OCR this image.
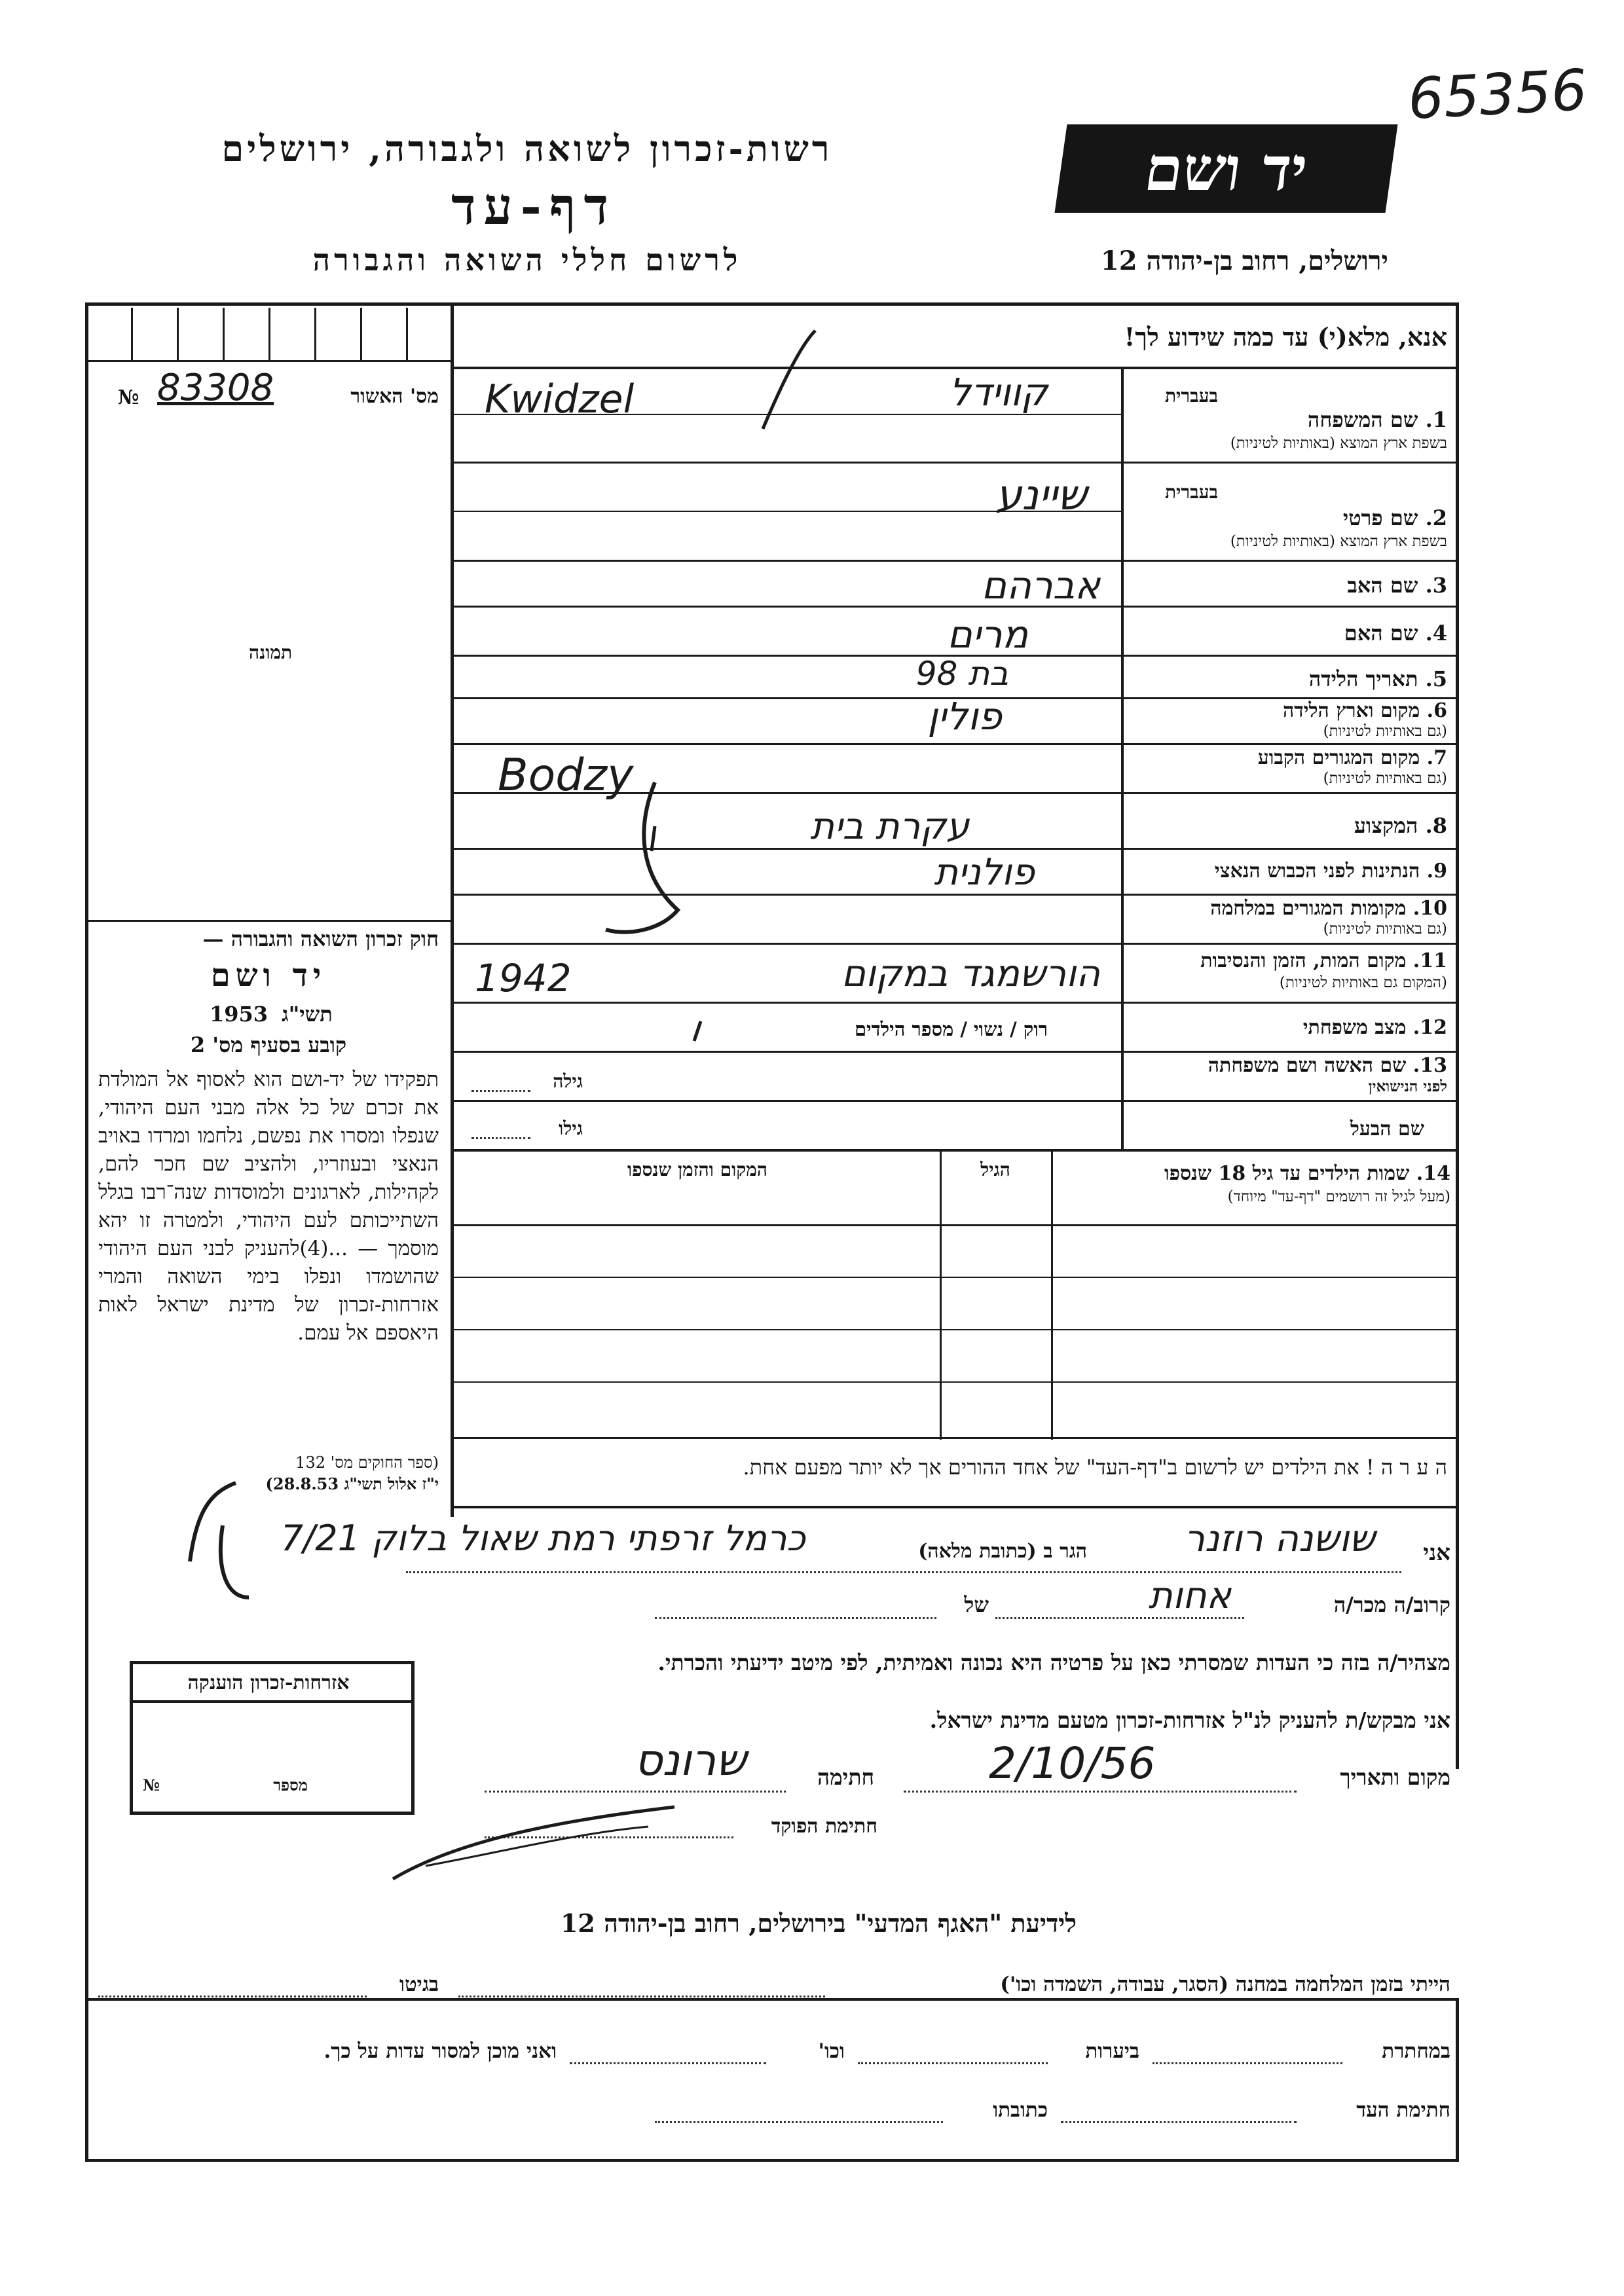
65356
יד ושם
רשות-זכרון לשואה ולגבורה, ירושלים
דף-עד
לרשום חללי השואה והגבורה	ירושלים, רחוב בן-יהודה 12
אנא, מלא(י) עד כמה שידוע לך!
№ 83308	מס' האשור
תמונה
חוק זכרון השואה והגבורה —
יד ושם
תשי"ג
1953
קובע בסעיף מס' 2
תפקידו של יד-ושם הוא לאסוף אל המולדת את זכרם של כל אלה מבני העם היהודי, שנפלו ומסרו את נפשם, נלחמו ומרדו באויב הנאצי ובעוזריו, ולהציב שם חכר להם, לקהילות, לארגונים ולמוסדות שנה־רבו בגלל השתייכותם לעם היהודי, ולמטרה זו יהא מוסמך — ...(4)להעניק לבני העם היהודי שהושמדו ונפלו בימי השואה והמרי אזרחות-זכרון של מדינת ישראל לאות היאספם אל עמם.
(ספר החוקים מס' 132
י"ז אלול תשי"ג 28.8.53)
בעברית
1. שם המשפחה
בשפת ארץ המוצא (באותיות לטיניות)
בעברית
2. שם פרטי
בשפת ארץ המוצא (באותיות לטיניות)
3. שם האב
4. שם האם
5. תאריך הלידה
6. מקום וארץ הלידה
(גם באותיות לטיניות)
7. מקום המגורים הקבוע
(גם באותיות לטיניות)
8. המקצוע
9. הנתינות לפני הכבוש הנאצי
10. מקומות המגורים במלחמה
(גם באותיות לטיניות)
11. מקום המות, הזמן והנסיבות
(המקום גם באותיות לטיניות)
12. מצב משפחתי
13. שם האשה ושם משפחתה
לפני הנישואין
שם הבעל
רוק / נשוי / מספר הילדים
גילה
גילו
14. שמות הילדים עד גיל 18 שנספו
(מעל לגיל זה רושמים "דף-עד" מיוחד)
הגיל
המקום והזמן שנספו
ה ע ר ה ! את הילדים יש לרשום ב"דף-העד" של אחד ההורים אך לא יותר מפעם אחת.
קווידל
Kwidzel
שיינע
אברהם
מרים
בת 98
פולין
Bodzy
עקרת בית
פולנית
הורשמגד במקום
1942
אני
שושנה רוזנר
הגר ב (כתובת מלאה)
כרמל זרפתי רמת שאול בלוק 7/21
קרוב/ה מכר/ה
אחות
של
מצהיר/ה בזה כי העדות שמסרתי כאן על פרטיה היא נכונה ואמיתית, לפי מיטב ידיעתי והכרתי.
אני מבקש/ת להעניק לנ"ל אזרחות-זכרון מטעם מדינת ישראל.
מקום ותאריך
2/10/56
חתימה
שרונס
חתימת הפוקד
אזרחות-זכרון הוענקה
מספר
№
לידיעת "האגף המדעי" בירושלים, רחוב בן-יהודה 12
הייתי בזמן המלחמה במחנה (הסגר, עבודה, השמדה וכו')
בגיטו
במחתרת
ביערות
וכו'
ואני מוכן למסור עדות על כך.
חתימת העד
כתובתו
